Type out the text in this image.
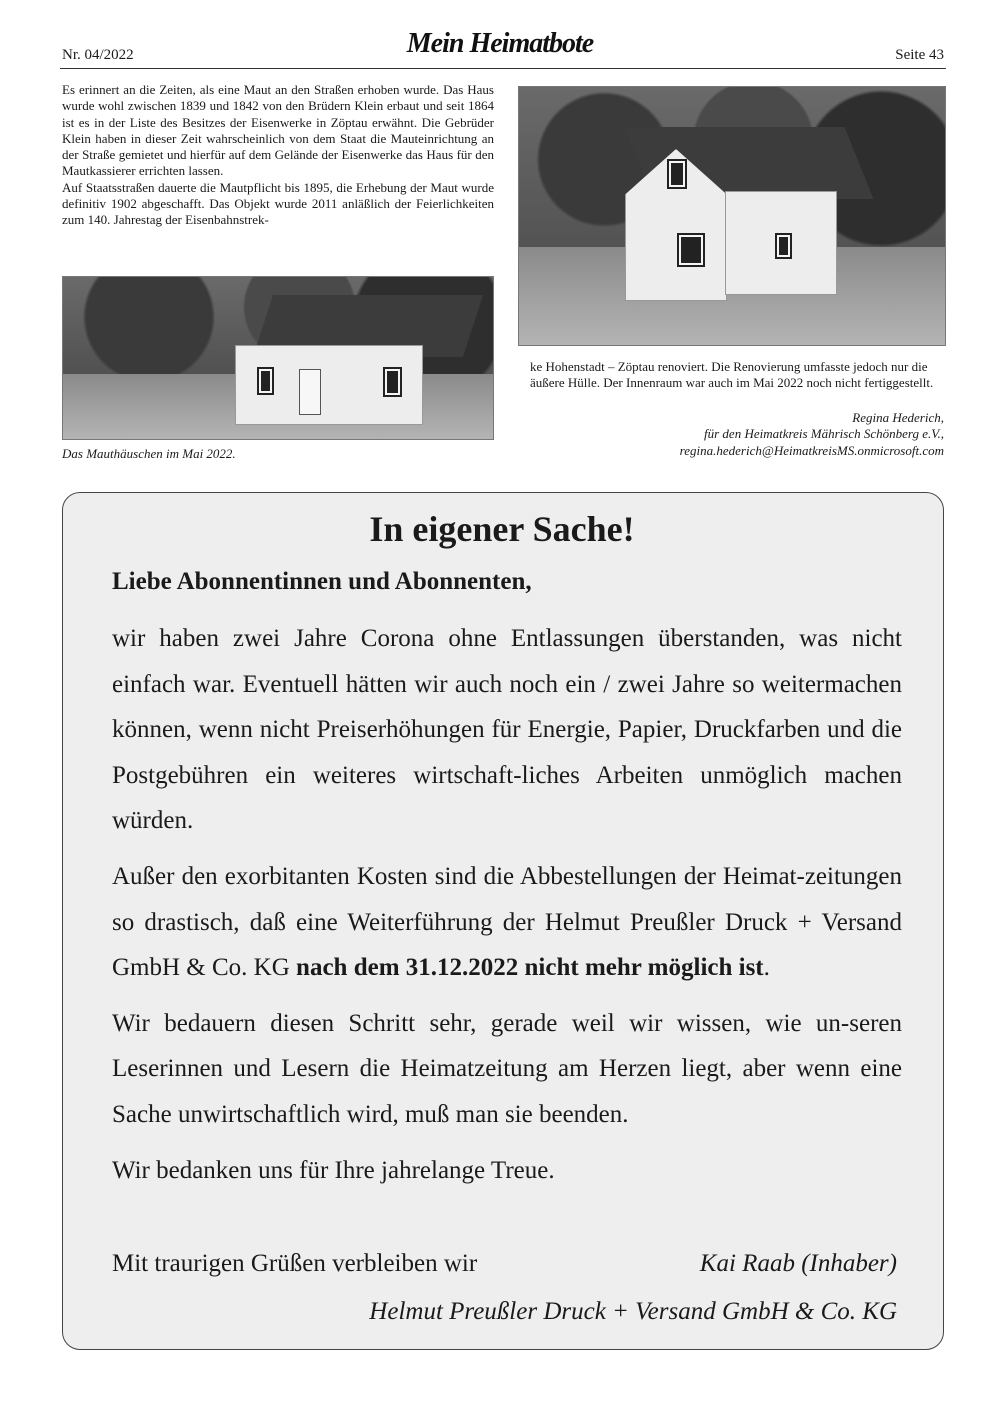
Nr. 04/2022	Mein Heimatbote	Seite 43

Es erinnert an die Zeiten, als eine Maut an den Straßen erhoben wurde. Das Haus wurde wohl zwischen 1839 und 1842 von den Brüdern Klein erbaut und seit 1864 ist es in der Liste des Besitzes der Eisenwerke in Zöptau erwähnt. Die Gebrüder Klein haben in dieser Zeit wahrscheinlich von dem Staat die Mauteinrichtung an der Straße gemietet und hierfür auf dem Gelände der Eisenwerke das Haus für den Mautkassierer errichten lassen.

Auf Staatsstraßen dauerte die Mautpflicht bis 1895, die Erhebung der Maut wurde definitiv 1902 abgeschafft. Das Objekt wurde 2011 anläßlich der Feierlichkeiten zum 140. Jahrestag der Eisenbahnstrek-

Das Mauthäuschen im Mai 2022.

ke Hohenstadt – Zöptau renoviert. Die Renovierung umfasste jedoch nur die äußere Hülle. Der Innenraum war auch im Mai 2022 noch nicht fertiggestellt.

Regina Hederich,
für den Heimatkreis Mährisch Schönberg e.V.,
regina.hederich@HeimatkreisMS.onmicrosoft.com
In eigener Sache!
Liebe Abonnentinnen und Abonnenten,

wir haben zwei Jahre Corona ohne Entlassungen überstanden, was nicht einfach war. Eventuell hätten wir auch noch ein / zwei Jahre so weitermachen können, wenn nicht Preiserhöhungen für Energie, Papier, Druckfarben und die Postgebühren ein weiteres wirtschaft-liches Arbeiten unmöglich machen würden.

Außer den exorbitanten Kosten sind die Abbestellungen der Heimat-zeitungen so drastisch, daß eine Weiterführung der Helmut Preußler Druck + Versand GmbH & Co. KG nach dem 31.12.2022 nicht mehr möglich ist.

Wir bedauern diesen Schritt sehr, gerade weil wir wissen, wie un-seren Leserinnen und Lesern die Heimatzeitung am Herzen liegt, aber wenn eine Sache unwirtschaftlich wird, muß man sie beenden.

Wir bedanken uns für Ihre jahrelange Treue.

Mit traurigen Grüßen verbleiben wir	Kai Raab (Inhaber)
Helmut Preußler Druck + Versand GmbH & Co. KG
